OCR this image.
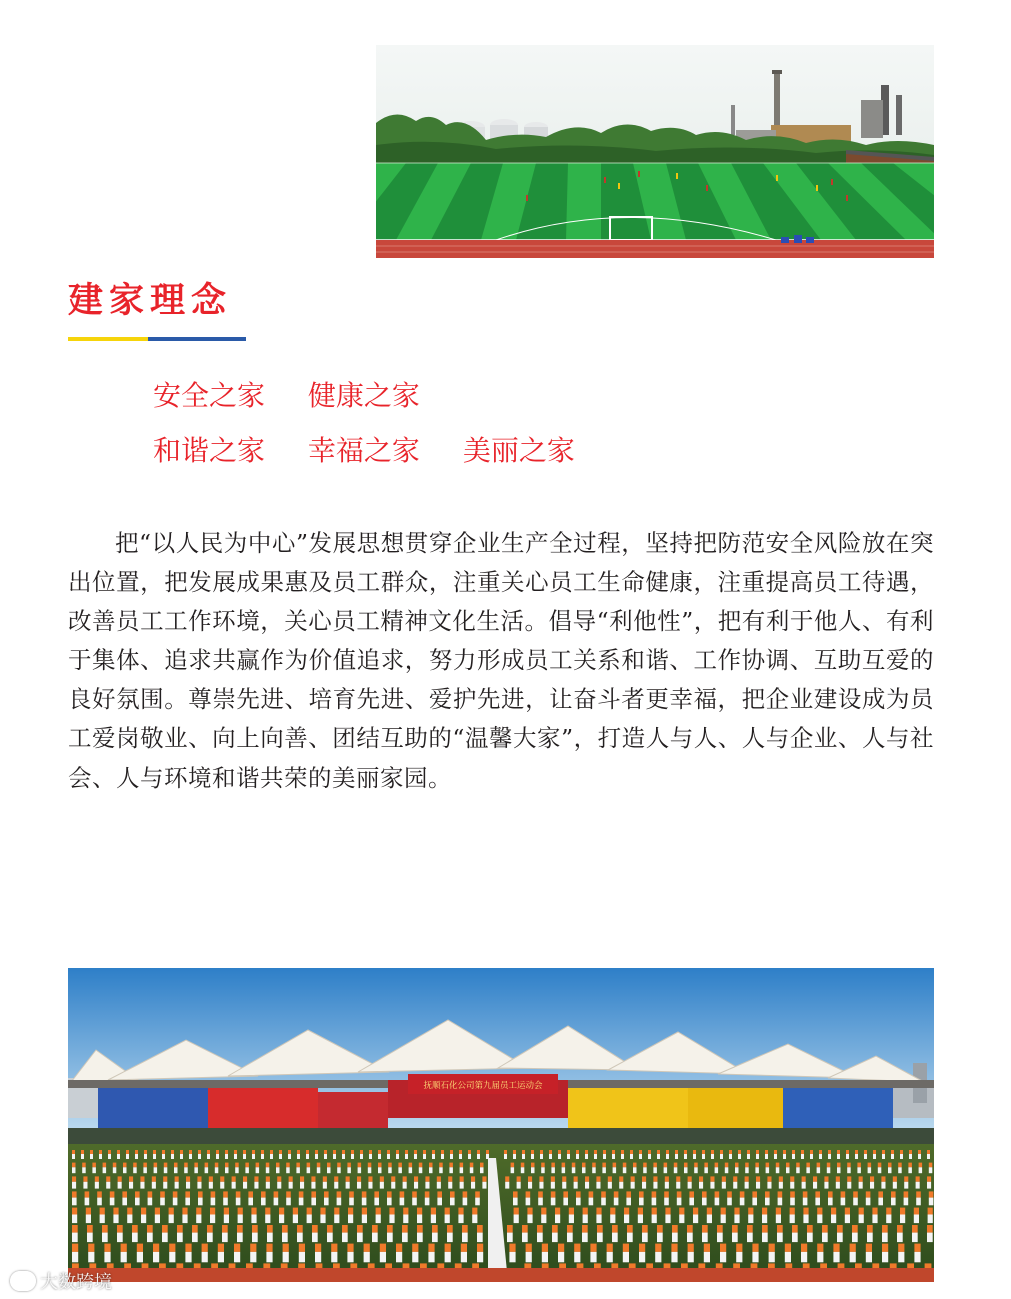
建家理念
安全之家 健康之家
和谐之家 幸福之家 美丽之家

把“以人民为中心”发展思想贯穿企业生产全过程，坚持把防范安全风险放在突出位置，把发展成果惠及员工群众，注重关心员工生命健康，注重提高员工待遇，改善员工工作环境，关心员工精神文化生活。倡导“利他性”，把有利于他人、有利于集体、追求共赢作为价值追求，努力形成员工关系和谐、工作协调、互助互爱的良好氛围。尊崇先进、培育先进、爱护先进，让奋斗者更幸福，把企业建设成为员工爱岗敬业、向上向善、团结互助的“温馨大家”，打造人与人、人与企业、人与社会、人与环境和谐共荣的美丽家园。

抚顺石化公司第九届员工运动会
大数跨境
